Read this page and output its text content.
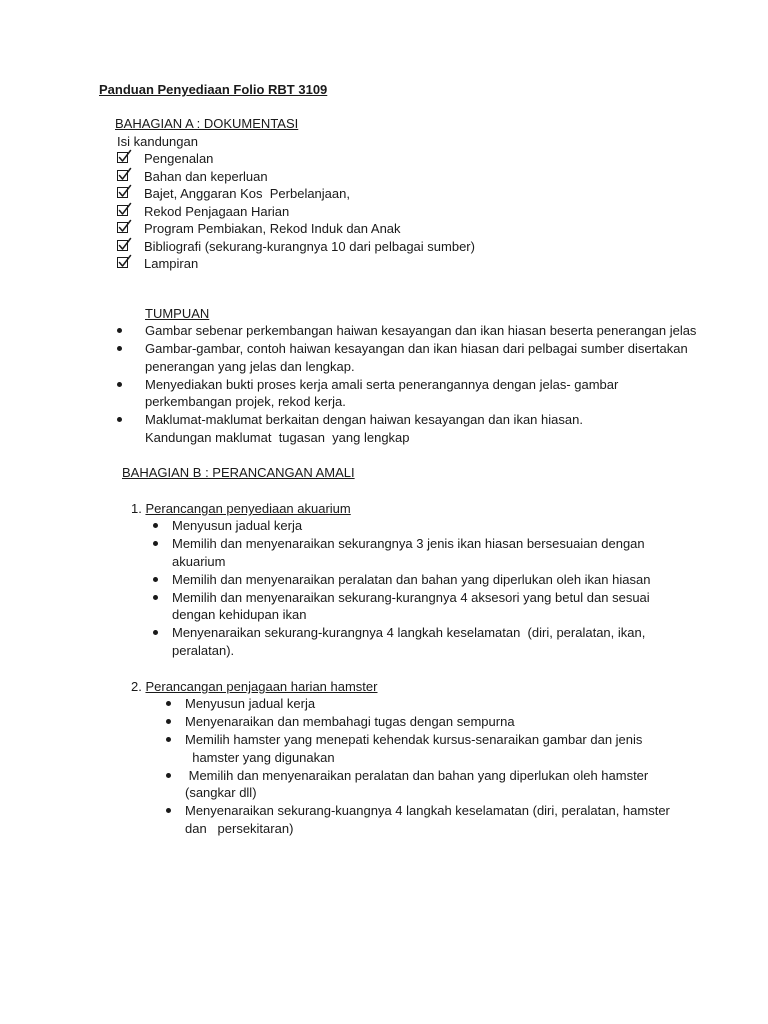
Panduan Penyediaan Folio RBT 3109
BAHAGIAN A : DOKUMENTASI
Isi kandungan
Pengenalan
Bahan dan keperluan
Bajet, Anggaran Kos  Perbelanjaan,
Rekod Penjagaan Harian
Program Pembiakan, Rekod Induk dan Anak
Bibliografi (sekurang-kurangnya 10 dari pelbagai sumber)
Lampiran
TUMPUAN
Gambar sebenar perkembangan haiwan kesayangan dan ikan hiasan beserta penerangan jelas
Gambar-gambar, contoh haiwan kesayangan dan ikan hiasan dari pelbagai sumber disertakan
penerangan yang jelas dan lengkap.
Menyediakan bukti proses kerja amali serta penerangannya dengan jelas- gambar
perkembangan projek, rekod kerja.
Maklumat-maklumat berkaitan dengan haiwan kesayangan dan ikan hiasan.
Kandungan maklumat  tugasan  yang lengkap
BAHAGIAN B : PERANCANGAN AMALI
1. Perancangan penyediaan akuarium
Menyusun jadual kerja
Memilih dan menyenaraikan sekurangnya 3 jenis ikan hiasan bersesuaian dengan
akuarium
Memilih dan menyenaraikan peralatan dan bahan yang diperlukan oleh ikan hiasan
Memilih dan menyenaraikan sekurang-kurangnya 4 aksesori yang betul dan sesuai
dengan kehidupan ikan
Menyenaraikan sekurang-kurangnya 4 langkah keselamatan  (diri, peralatan, ikan,
peralatan).
2. Perancangan penjagaan harian hamster
Menyusun jadual kerja
Menyenaraikan dan membahagi tugas dengan sempurna
Memilih hamster yang menepati kehendak kursus-senaraikan gambar dan jenis
hamster yang digunakan
Memilih dan menyenaraikan peralatan dan bahan yang diperlukan oleh hamster
(sangkar dll)
Menyenaraikan sekurang-kuangnya 4 langkah keselamatan (diri, peralatan, hamster
dan   persekitaran)
